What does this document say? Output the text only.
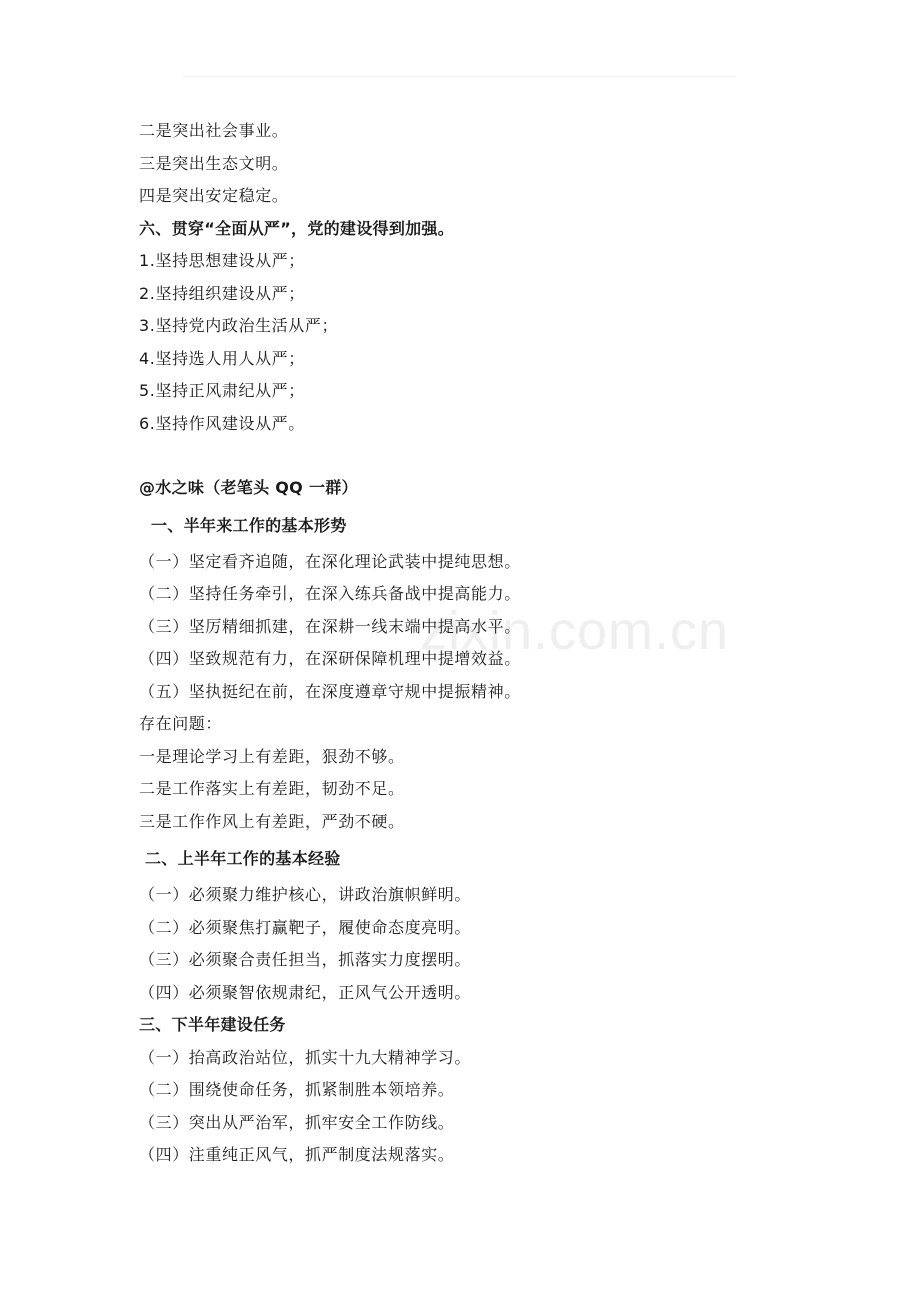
zixin.com.cn
二是突出社会事业。
三是突出生态文明。
四是突出安定稳定。
六、贯穿“全面从严”，党的建设得到加强。
1.坚持思想建设从严；
2.坚持组织建设从严；
3.坚持党内政治生活从严；
4.坚持选人用人从严；
5.坚持正风肃纪从严；
6.坚持作风建设从严。
@水之味（老笔头 QQ 一群）
一、半年来工作的基本形势
（一）坚定看齐追随，在深化理论武装中提纯思想。
（二）坚持任务牵引，在深入练兵备战中提高能力。
（三）坚厉精细抓建，在深耕一线末端中提高水平。
（四）坚致规范有力，在深研保障机理中提增效益。
（五）坚执挺纪在前，在深度遵章守规中提振精神。
存在问题：
一是理论学习上有差距，狠劲不够。
二是工作落实上有差距，韧劲不足。
三是工作作风上有差距，严劲不硬。
二、上半年工作的基本经验
（一）必须聚力维护核心，讲政治旗帜鲜明。
（二）必须聚焦打赢靶子，履使命态度亮明。
（三）必须聚合责任担当，抓落实力度摆明。
（四）必须聚智依规肃纪，正风气公开透明。
三、下半年建设任务
（一）抬高政治站位，抓实十九大精神学习。
（二）围绕使命任务，抓紧制胜本领培养。
（三）突出从严治军，抓牢安全工作防线。
（四）注重纯正风气，抓严制度法规落实。
